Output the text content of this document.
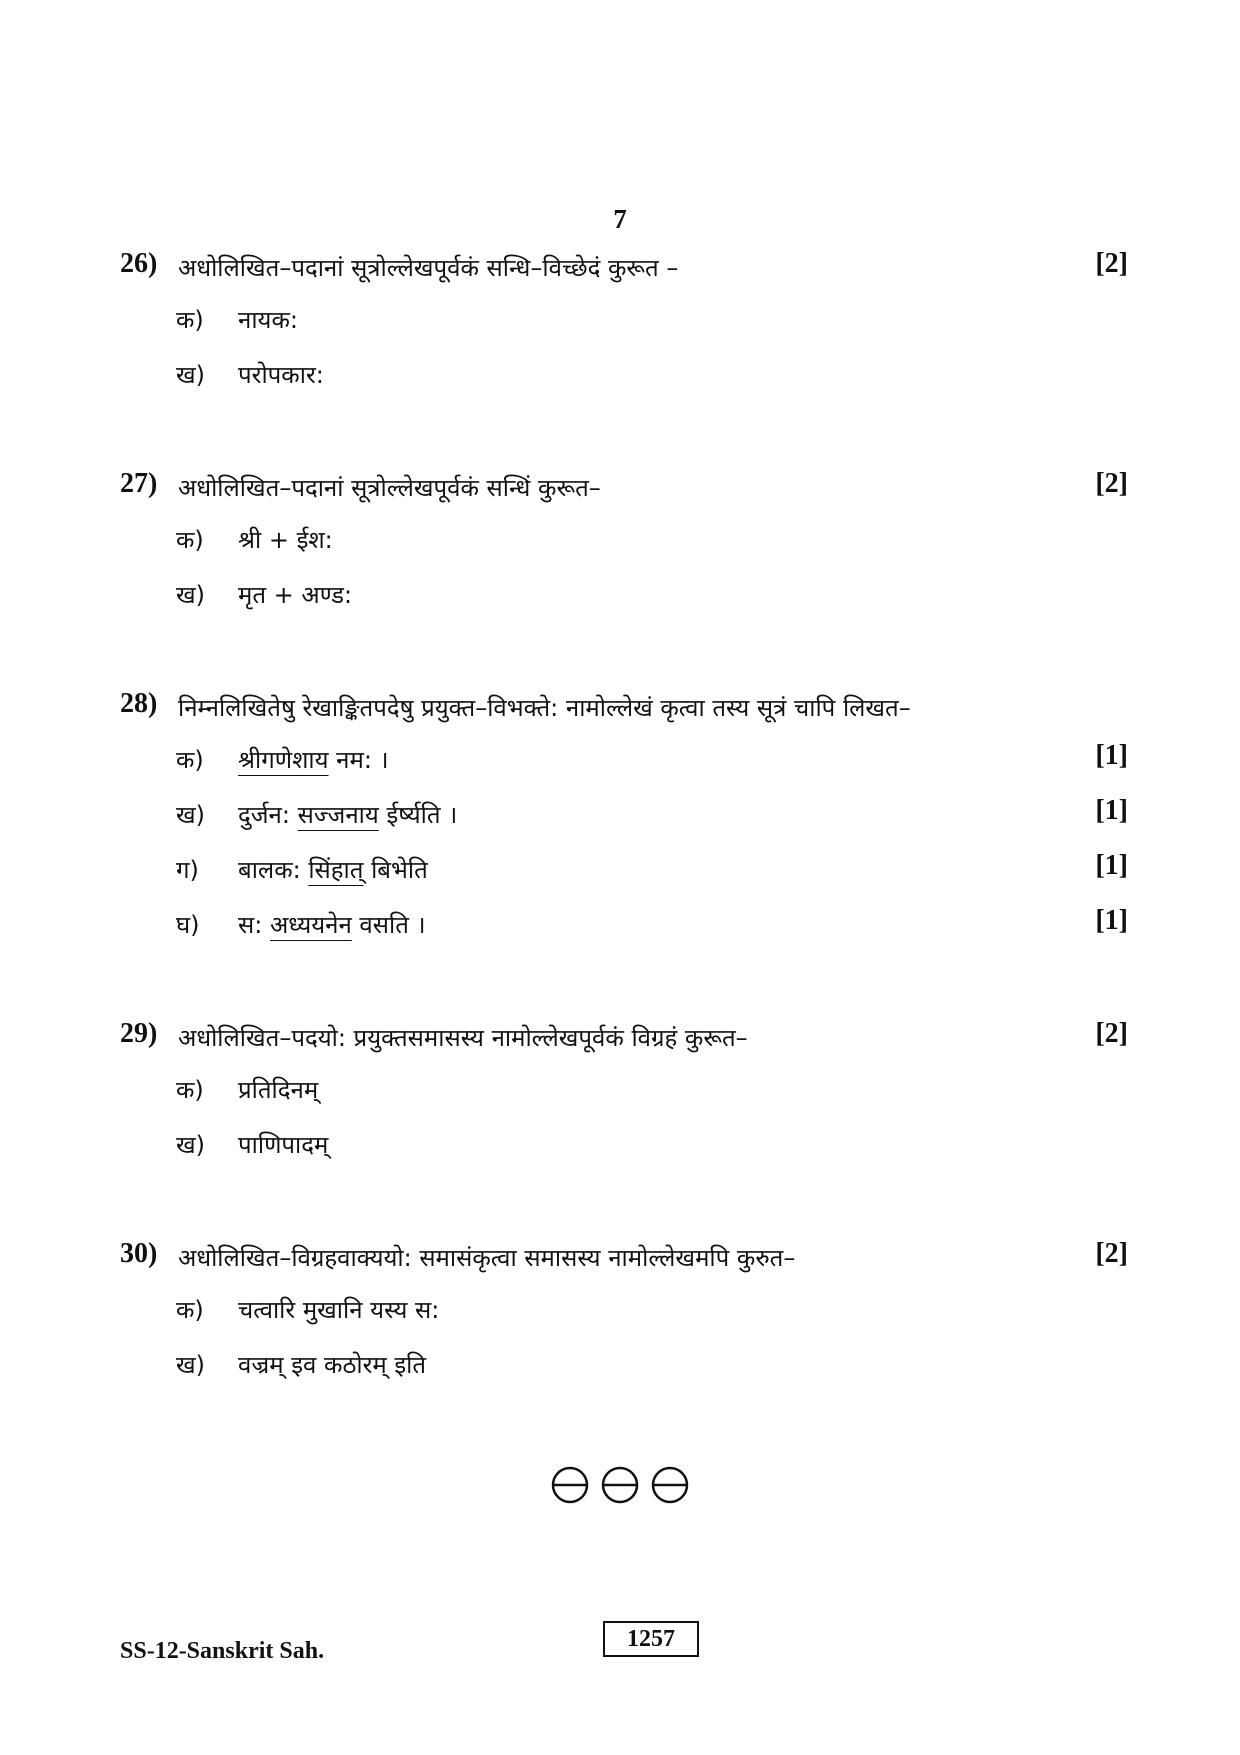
7
26) अधोलिखित–पदानां सूत्रोल्लेखपूर्वकं सन्धि–विच्छेदं कुरूत –	[2]
क) नायक:
ख) परोपकार:
27) अधोलिखित–पदानां सूत्रोल्लेखपूर्वकं सन्धिं कुरूत–	[2]
क) श्री + ईश:
ख) मृत + अण्ड:
28) निम्नलिखितेषु रेखाङ्कितपदेषु प्रयुक्त–विभक्ते: नामोल्लेखं कृत्वा तस्य सूत्रं चापि लिखत–
क) श्रीगणेशाय नम: ।	[1]
ख) दुर्जन: सज्जनाय ईर्ष्यति ।	[1]
ग) बालक: सिंहात् बिभेति	[1]
घ) स: अध्ययनेन वसति ।	[1]
29) अधोलिखित–पदयो: प्रयुक्तसमासस्य नामोल्लेखपूर्वकं विग्रहं कुरूत–	[2]
क) प्रतिदिनम्
ख) पाणिपादम्
30) अधोलिखित–विग्रहवाक्ययो: समासंकृत्वा समासस्य नामोल्लेखमपि कुरुत–	[2]
क) चत्वारि मुखानि यस्य स:
ख) वज्रम् इव कठोरम् इति
SS-12-Sanskrit Sah.	1257
